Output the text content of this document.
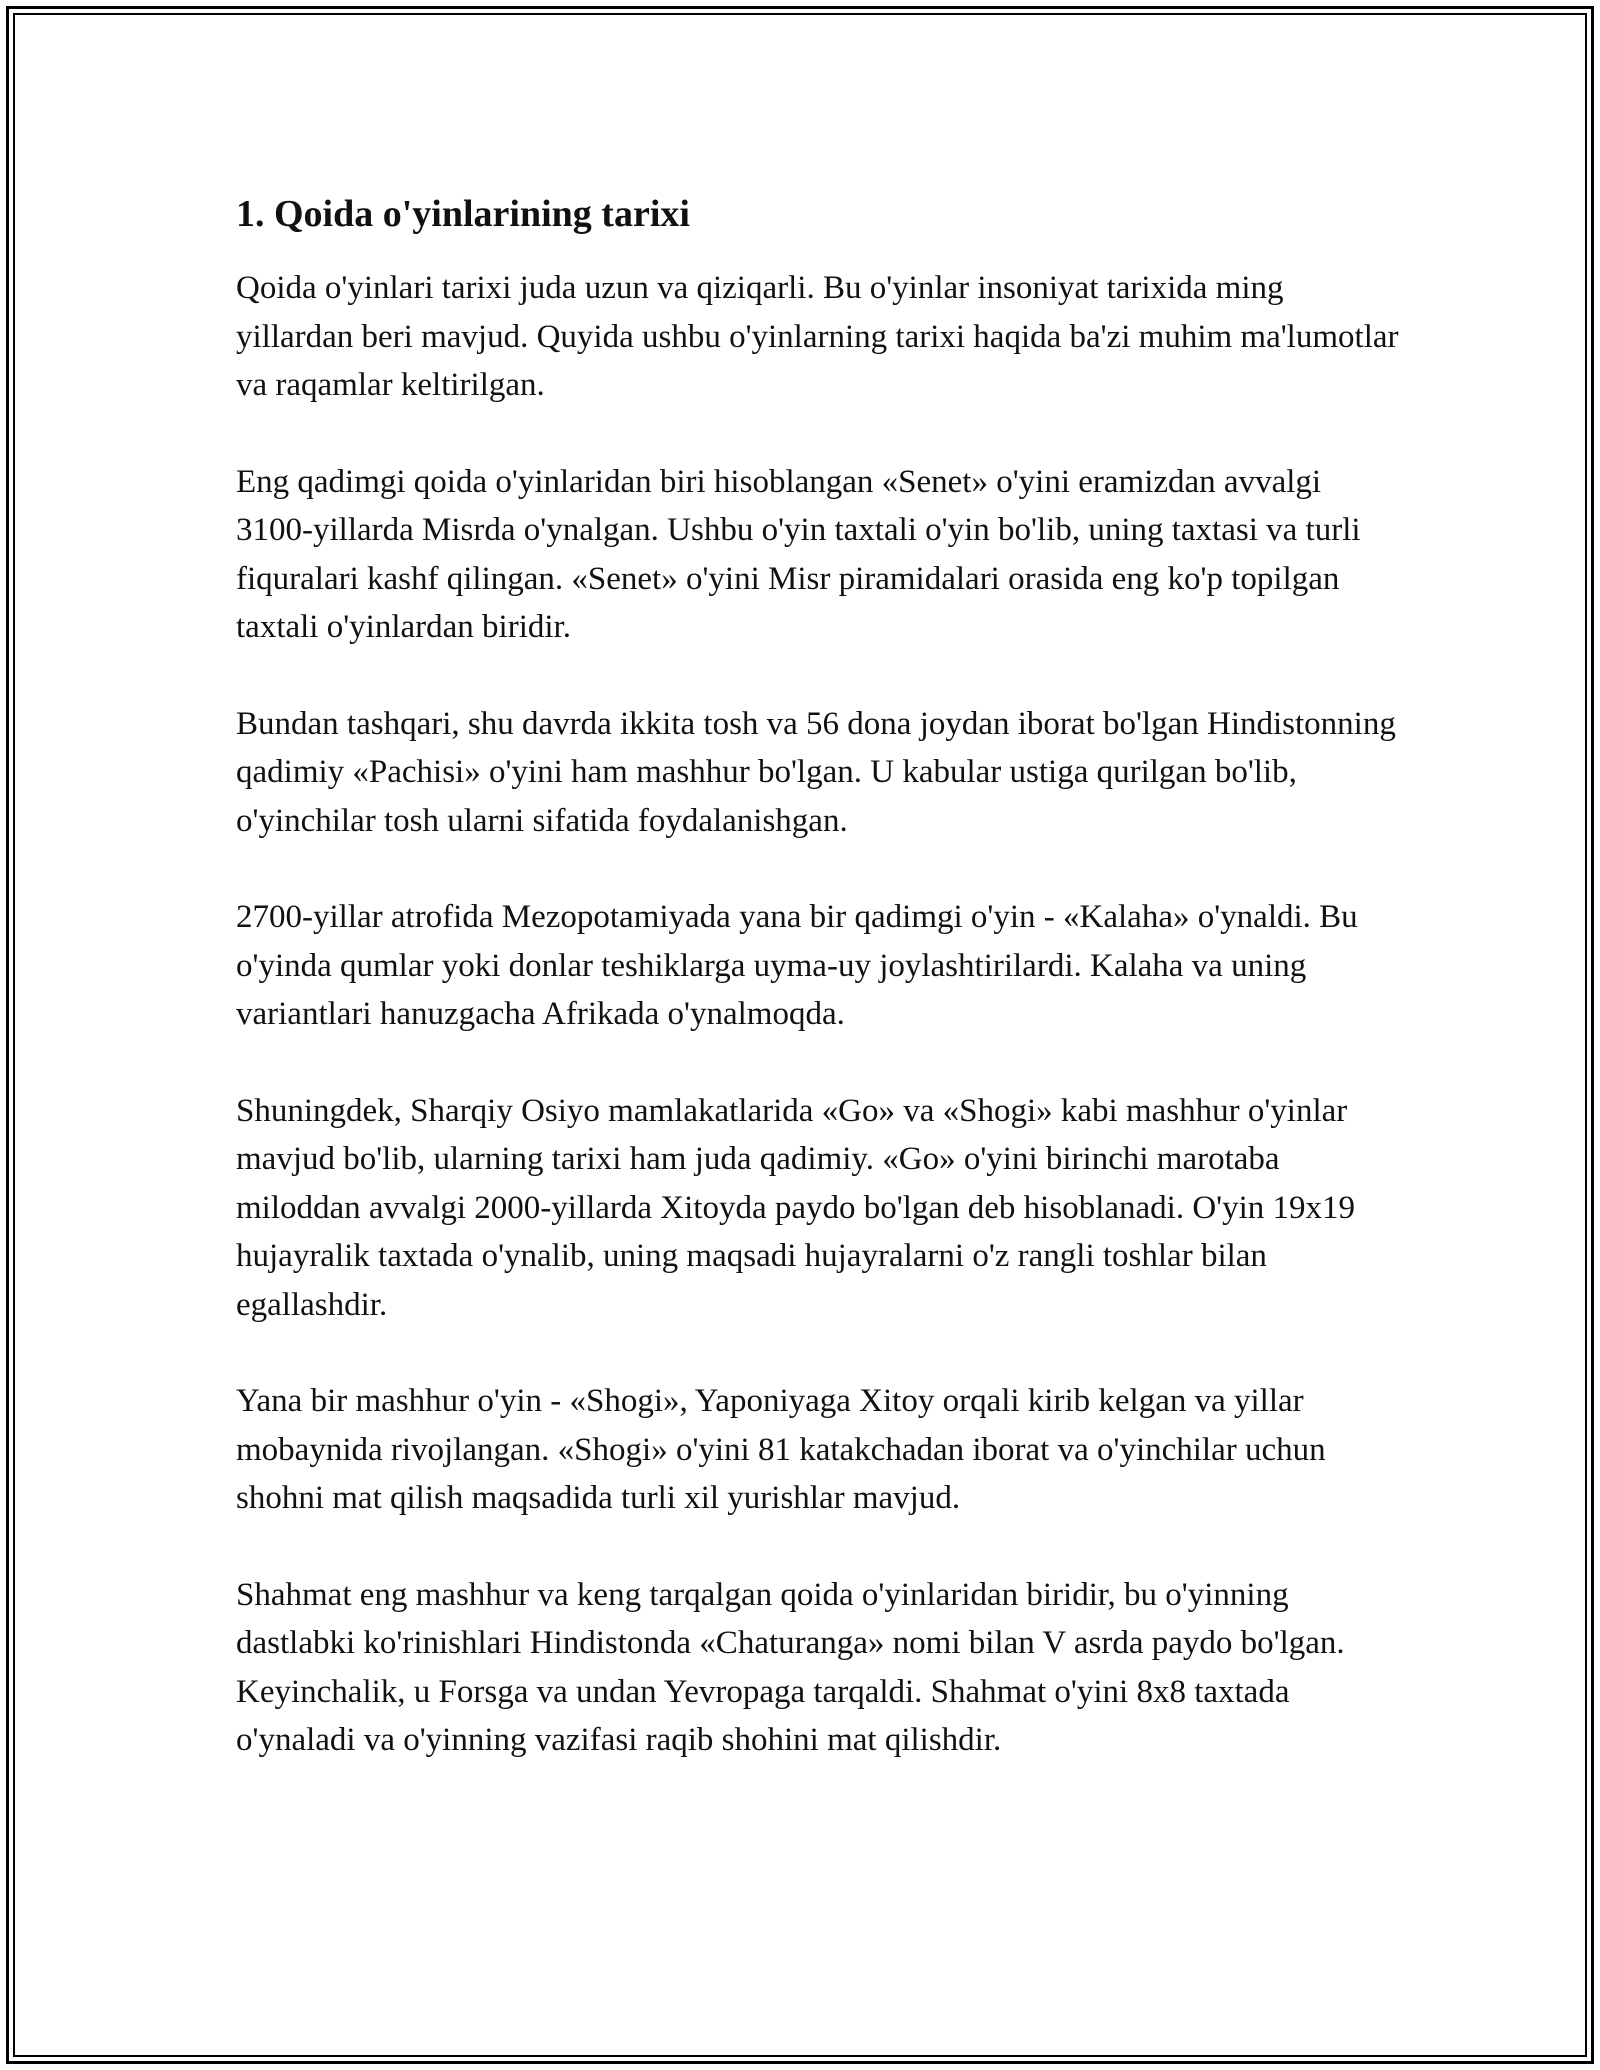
1. Qoida o'yinlarining tarixi

Qoida o'yinlari tarixi juda uzun va qiziqarli. Bu o'yinlar insoniyat tarixida ming yillardan beri mavjud. Quyida ushbu o'yinlarning tarixi haqida ba'zi muhim ma'lumotlar va raqamlar keltirilgan.

Eng qadimgi qoida o'yinlaridan biri hisoblangan «Senet» o'yini eramizdan avvalgi 3100-yillarda Misrda o'ynalgan. Ushbu o'yin taxtali o'yin bo'lib, uning taxtasi va turli fiquralari kashf qilingan. «Senet» o'yini Misr piramidalari orasida eng ko'p topilgan taxtali o'yinlardan biridir.

Bundan tashqari, shu davrda ikkita tosh va 56 dona joydan iborat bo'lgan Hindistonning qadimiy «Pachisi» o'yini ham mashhur bo'lgan. U kabular ustiga qurilgan bo'lib, o'yinchilar tosh ularni sifatida foydalanishgan.

2700-yillar atrofida Mezopotamiyada yana bir qadimgi o'yin - «Kalaha» o'ynaldi. Bu o'yinda qumlar yoki donlar teshiklarga uyma-uy joylashtirilardi. Kalaha va uning variantlari hanuzgacha Afrikada o'ynalmoqda.

Shuningdek, Sharqiy Osiyo mamlakatlarida «Go» va «Shogi» kabi mashhur o'yinlar mavjud bo'lib, ularning tarixi ham juda qadimiy. «Go» o'yini birinchi marotaba miloddan avvalgi 2000-yillarda Xitoyda paydo bo'lgan deb hisoblanadi. O'yin 19x19 hujayralik taxtada o'ynalib, uning maqsadi hujayralarni o'z rangli toshlar bilan egallashdir.

Yana bir mashhur o'yin - «Shogi», Yaponiyaga Xitoy orqali kirib kelgan va yillar mobaynida rivojlangan. «Shogi» o'yini 81 katakchadan iborat va o'yinchilar uchun shohni mat qilish maqsadida turli xil yurishlar mavjud.

Shahmat eng mashhur va keng tarqalgan qoida o'yinlaridan biridir, bu o'yinning dastlabki ko'rinishlari Hindistonda «Chaturanga» nomi bilan V asrda paydo bo'lgan. Keyinchalik, u Forsga va undan Yevropaga tarqaldi. Shahmat o'yini 8x8 taxtada o'ynaladi va o'yinning vazifasi raqib shohini mat qilishdir.
